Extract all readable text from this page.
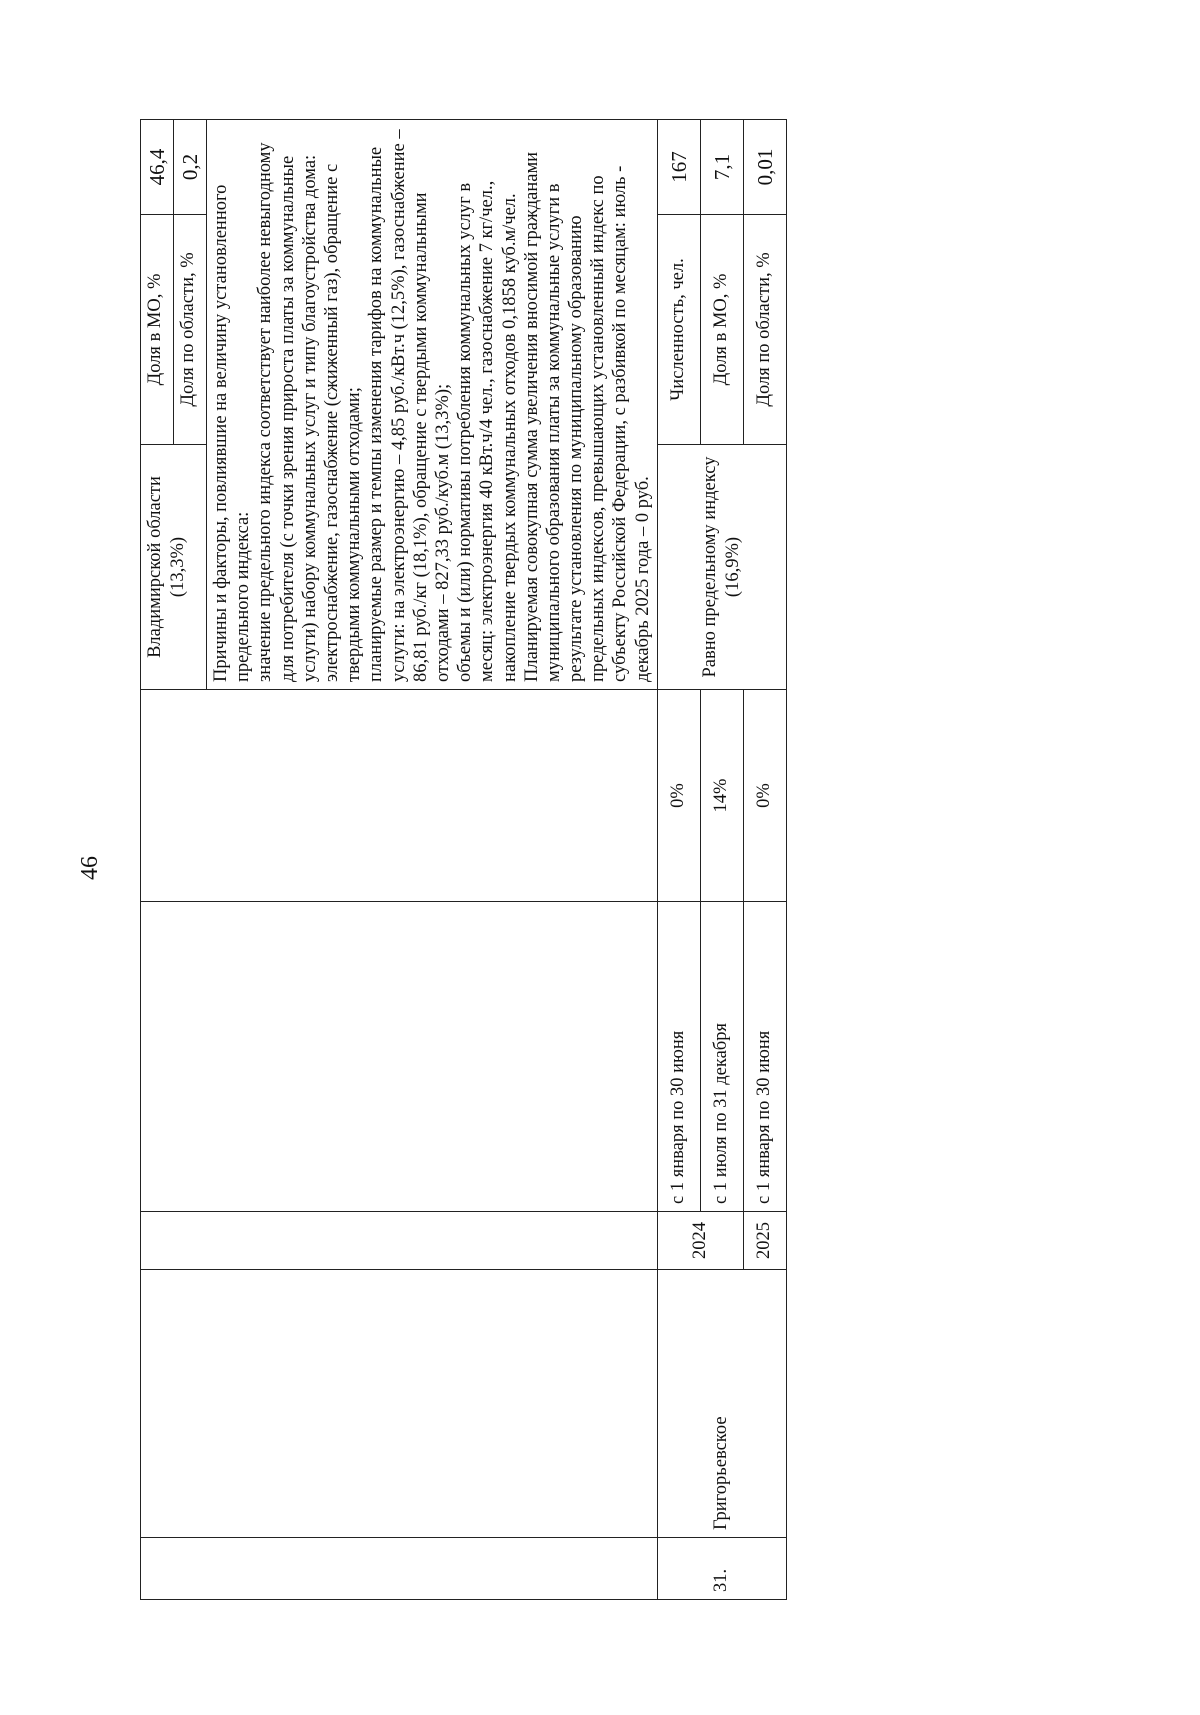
46

					Владимирской области (13,3%)	Доля в МО, %	46,4
						Доля по области, %	0,2

					Причины и факторы, повлиявшие на величину установленного предельного индекса: значение предельного индекса соответствует наиболее невыгодному для потребителя (с точки зрения прироста платы за коммунальные услуги) набору коммунальных услуг и типу благоустройства дома: электроснабжение, газоснабжение (сжиженный газ), обращение с твердыми коммунальными отходами; планируемые размер и темпы изменения тарифов на коммунальные услуги: на электроэнергию – 4,85 руб./кВт.ч (12,5%), газоснабжение – 86,81 руб./кг (18,1%), обращение с твердыми коммунальными отходами – 827,33 руб./куб.м (13,3%); объемы и (или) нормативы потребления коммунальных услуг в месяц: электроэнергия 40 кВт.ч/4 чел., газоснабжение 7 кг/чел., накопление твердых коммунальных отходов 0,1858 куб.м/чел. Планируемая совокупная сумма увеличения вносимой гражданами муниципального образования платы за коммунальные услуги в результате установления по муниципальному образованию предельных индексов, превышающих установленный индекс по субъекту Российской Федерации, с разбивкой по месяцам: июль - декабрь 2025 года – 0 руб.		

31.	Григорьевское	2024	с 1 января по 30 июня	0%	Равно предельному индексу (16,9%)	Численность, чел.	167
			с 1 июля по 31 декабря	14%		Доля в МО, %	7,1
		2025	с 1 января по 30 июня	0%		Доля по области, %	0,01
